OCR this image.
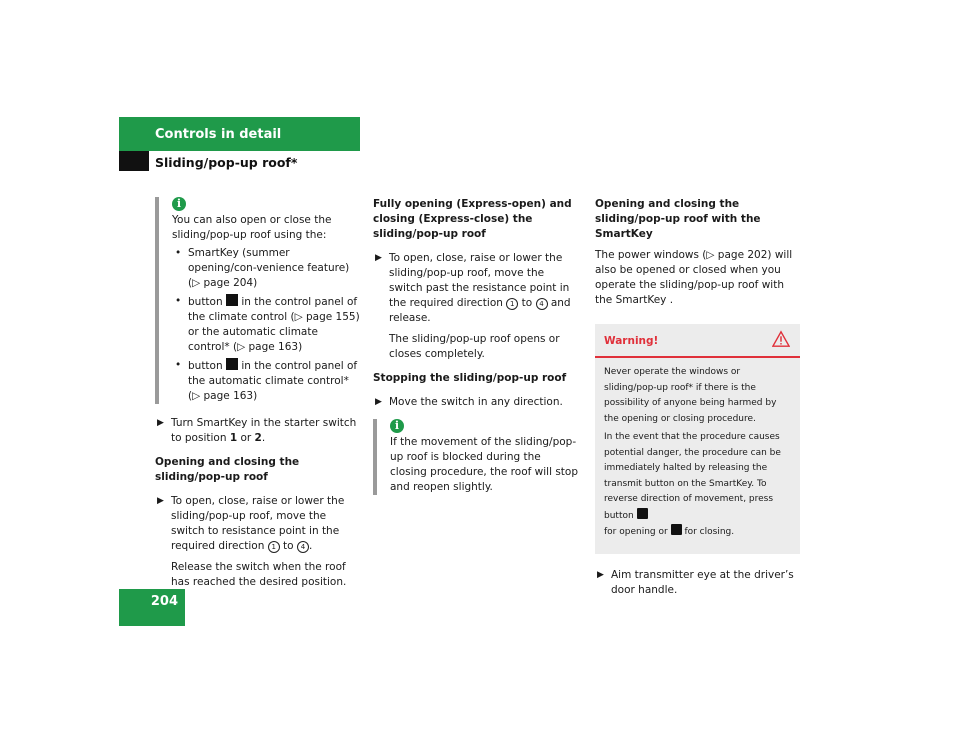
Controls in detail
Sliding/pop-up roof*
i

You can also open or close the sliding/pop-up roof using the:

• SmartKey (summer opening/con-venience feature) (▷ page 204)
• button in the control panel of the climate control (▷ page 155) or the automatic climate control* (▷ page 163)
• button in the control panel of the automatic climate control* (▷ page 163)
▶ Turn SmartKey in the starter switch to position 1 or 2.

Opening and closing the sliding/pop-up roof

▶ To open, close, raise or lower the sliding/pop-up roof, move the switch to resistance point in the required direction 1 to 4 .

Release the switch when the roof has reached the desired position.

Fully opening (Express-open) and closing (Express-close) the sliding/pop-up roof

▶ To open, close, raise or lower the sliding/pop-up roof, move the switch past the resistance point in the required direction 1 to 4 and release.

The sliding/pop-up roof opens or closes completely.

Stopping the sliding/pop-up roof

▶ Move the switch in any direction.
i

If the movement of the sliding/pop-up roof is blocked during the closing procedure, the roof will stop and reopen slightly.

Opening and closing the sliding/pop-up roof with the SmartKey

The power windows (▷ page 202) will also be opened or closed when you operate the sliding/pop-up roof with the SmartKey .

Warning!

Never operate the windows or sliding/pop-up roof* if there is the possibility of anyone being harmed by the opening or closing procedure.

In the event that the procedure causes potential danger, the procedure can be immediately halted by releasing the transmit button on the SmartKey. To reverse direction of movement, press button
for opening or for closing.

▶ Aim transmitter eye at the driver’s door handle.
204
